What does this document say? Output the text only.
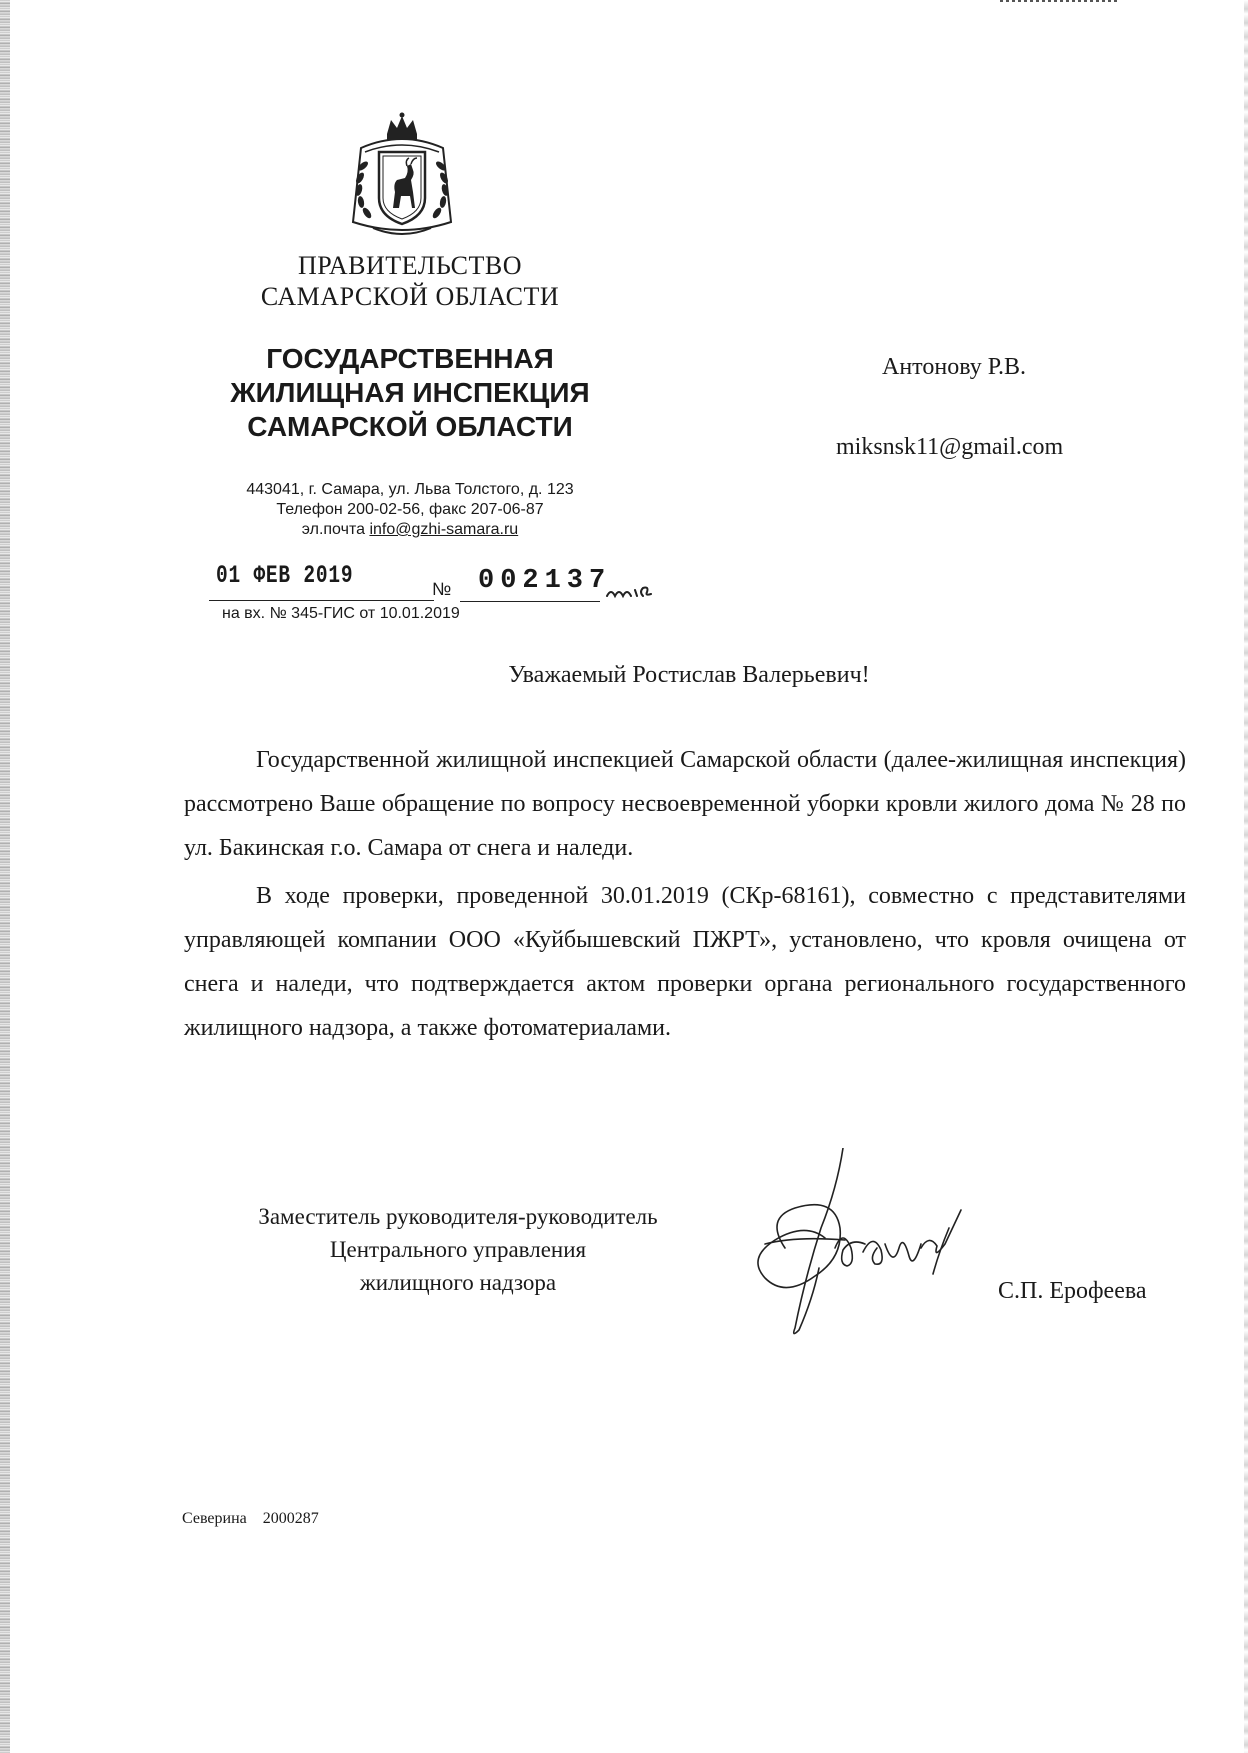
ПРАВИТЕЛЬСТВО
САМАРСКОЙ ОБЛАСТИ
ГОСУДАРСТВЕННАЯ
ЖИЛИЩНАЯ ИНСПЕКЦИЯ
САМАРСКОЙ ОБЛАСТИ
443041, г. Самара, ул. Льва Толстого, д. 123
Телефон 200-02-56, факс 207-06-87
эл.почта info@gzhi-samara.ru
01 ФЕВ 2019	№ 002137
на вх. № 345-ГИС от 10.01.2019
Антонову Р.В.
miksnsk11@gmail.com
Уважаемый Ростислав Валерьевич!

Государственной жилищной инспекцией Самарской области (далее-жилищная инспекция) рассмотрено Ваше обращение по вопросу несвоевременной уборки кровли жилого дома № 28 по ул. Бакинская г.о. Самара от снега и наледи.

В ходе проверки, проведенной 30.01.2019 (СКр-68161), совместно с представителями управляющей компании ООО «Куйбышевский ПЖРТ», установлено, что кровля очищена от снега и наледи, что подтверждается актом проверки органа регионального государственного жилищного надзора, а также фотоматериалами.

Заместитель руководителя-руководитель
Центрального управления
жилищного надзора	С.П. Ерофеева
Северина 2000287
